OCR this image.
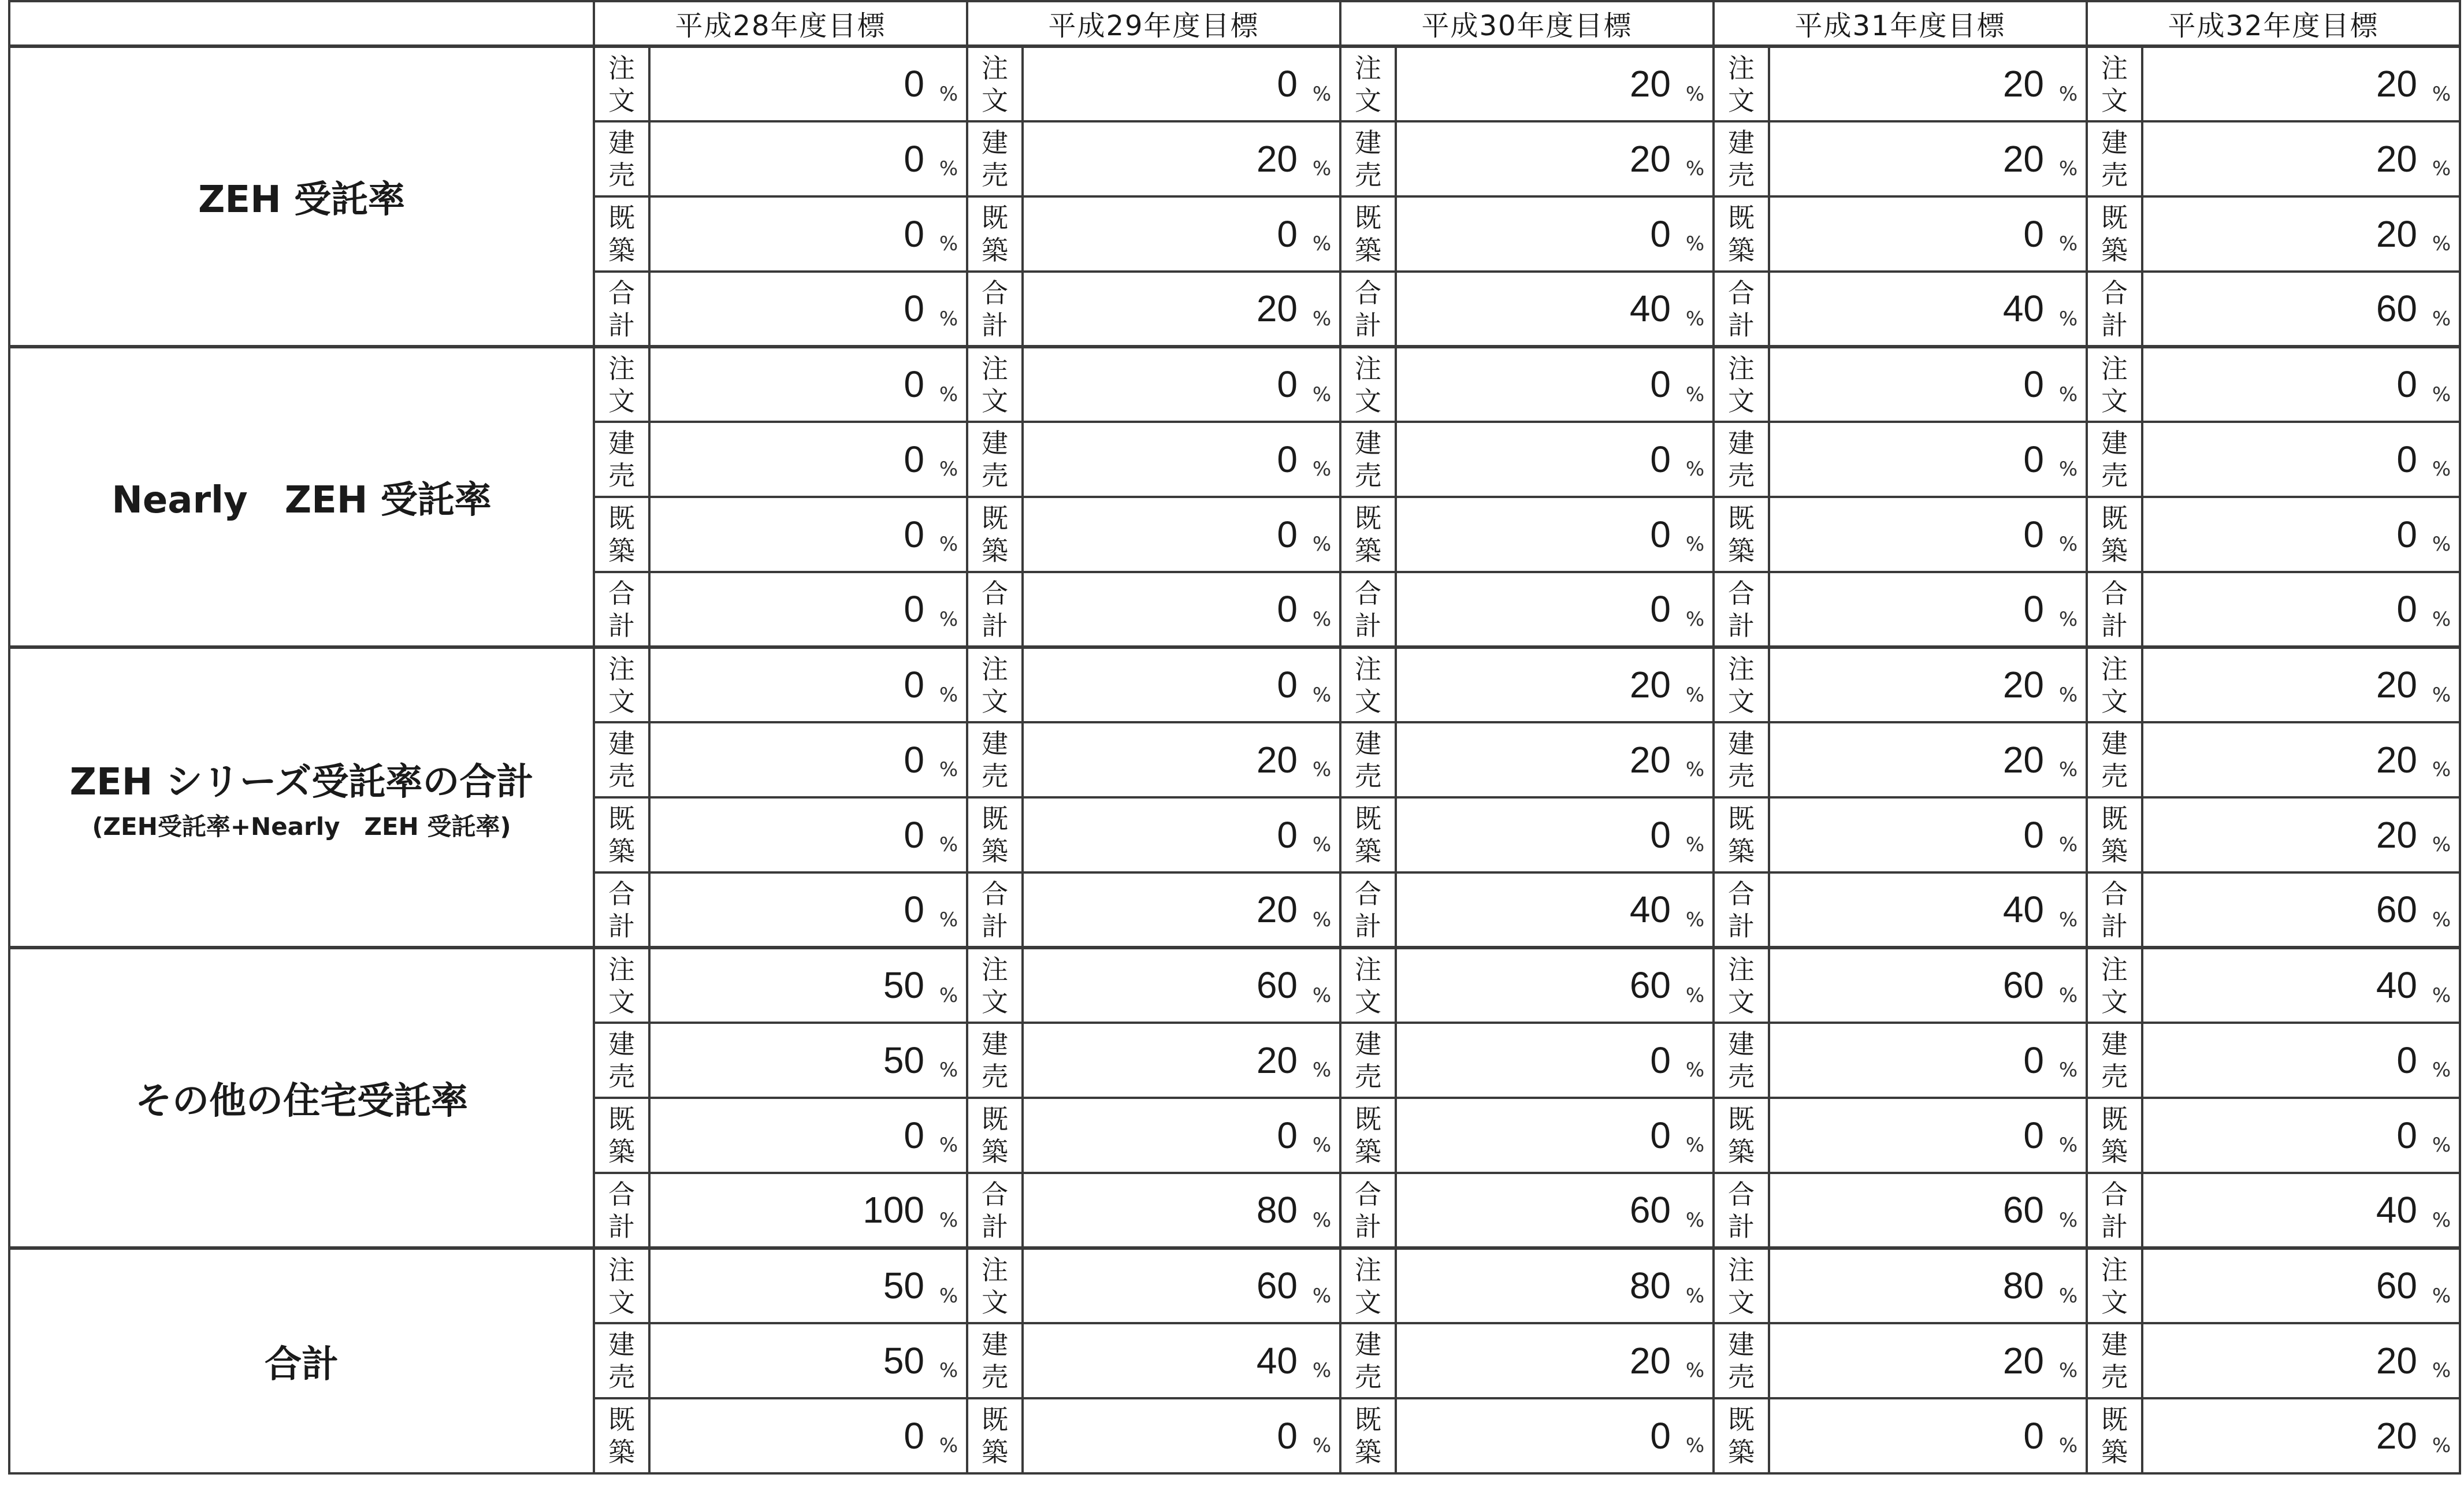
	平成28年度目標		平成29年度目標		平成30年度目標		平成31年度目標		平成32年度目標	
ZEH 受託率	注文	0 %	注文	0 %	注文	20 %	注文	20 %	注文	20 %
	建売	0 %	建売	20 %	建売	20 %	建売	20 %	建売	20 %
	既築	0 %	既築	0 %	既築	0 %	既築	0 %	既築	20 %
	合計	0 %	合計	20 %	合計	40 %	合計	40 %	合計	60 %
Nearly　ZEH 受託率	注文	0 %	注文	0 %	注文	0 %	注文	0 %	注文	0 %
	建売	0 %	建売	0 %	建売	0 %	建売	0 %	建売	0 %
	既築	0 %	既築	0 %	既築	0 %	既築	0 %	既築	0 %
	合計	0 %	合計	0 %	合計	0 %	合計	0 %	合計	0 %
ZEH シリーズ受託率の合計
(ZEH受託率+Nearly　ZEH 受託率)	注文	0 %	注文	0 %	注文	20 %	注文	20 %	注文	20 %
	建売	0 %	建売	20 %	建売	20 %	建売	20 %	建売	20 %
	既築	0 %	既築	0 %	既築	0 %	既築	0 %	既築	20 %
	合計	0 %	合計	20 %	合計	40 %	合計	40 %	合計	60 %
その他の住宅受託率	注文	50 %	注文	60 %	注文	60 %	注文	60 %	注文	40 %
	建売	50 %	建売	20 %	建売	0 %	建売	0 %	建売	0 %
	既築	0 %	既築	0 %	既築	0 %	既築	0 %	既築	0 %
	合計	100 %	合計	80 %	合計	60 %	合計	60 %	合計	40 %
合計	注文	50 %	注文	60 %	注文	80 %	注文	80 %	注文	60 %
	建売	50 %	建売	40 %	建売	20 %	建売	20 %	建売	20 %
	既築	0 %	既築	0 %	既築	0 %	既築	0 %	既築	20 %
